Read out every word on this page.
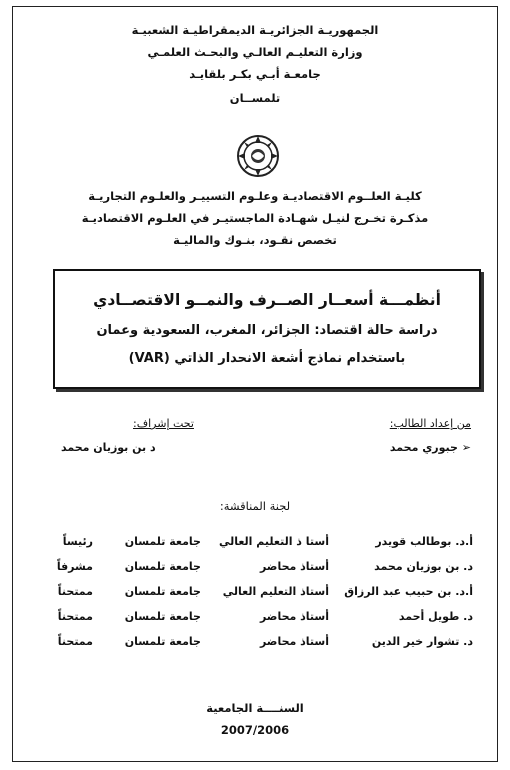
الجمهوريـة الجزائريـة الديمقراطيـة الشعبيـة
وزارة التعليـم العالـي والبحـث العلمـي
جامعـة أبـي بكـر بلقايـد
تلمســان
كليـة العلــوم الاقتصاديـة وعلـوم التسييـر والعلـوم التجاريـة
مذكـرة تخـرج لنيـل شهـادة الماجستيـر في العلـوم الاقتصاديـة
تخصص نقـود، بنـوك والماليـة
أنظمـــة أسعــار الصــرف والنمــو الاقتصــادي
دراسة حالة اقتصاد: الجزائر، المغرب، السعودية وعمان
باستخدام نماذج أشعة الانحدار الذاتي (VAR)
من إعداد الطالب:
➢ جبوري محمد
تحت إشراف:
د بن بوزيان محمد
لجنة المناقشة:
أ.د. بوطالب قويدر
أستا ذ التعليم العالي
جامعة تلمسان
رئيساً
د. بن بوزيان محمد
أستاذ محاضر
جامعة تلمسان
مشرفاً
أ.د. بن حبيب عبد الرزاق
أستاذ التعليم العالي
جامعة تلمسان
ممتحناً
د. طويل أحمد
أستاذ محاضر
جامعة تلمسان
ممتحناً
د. تشوار خير الدين
أستاذ محاضر
جامعة تلمسان
ممتحناً
السنــــة الجامعية
2007/2006
